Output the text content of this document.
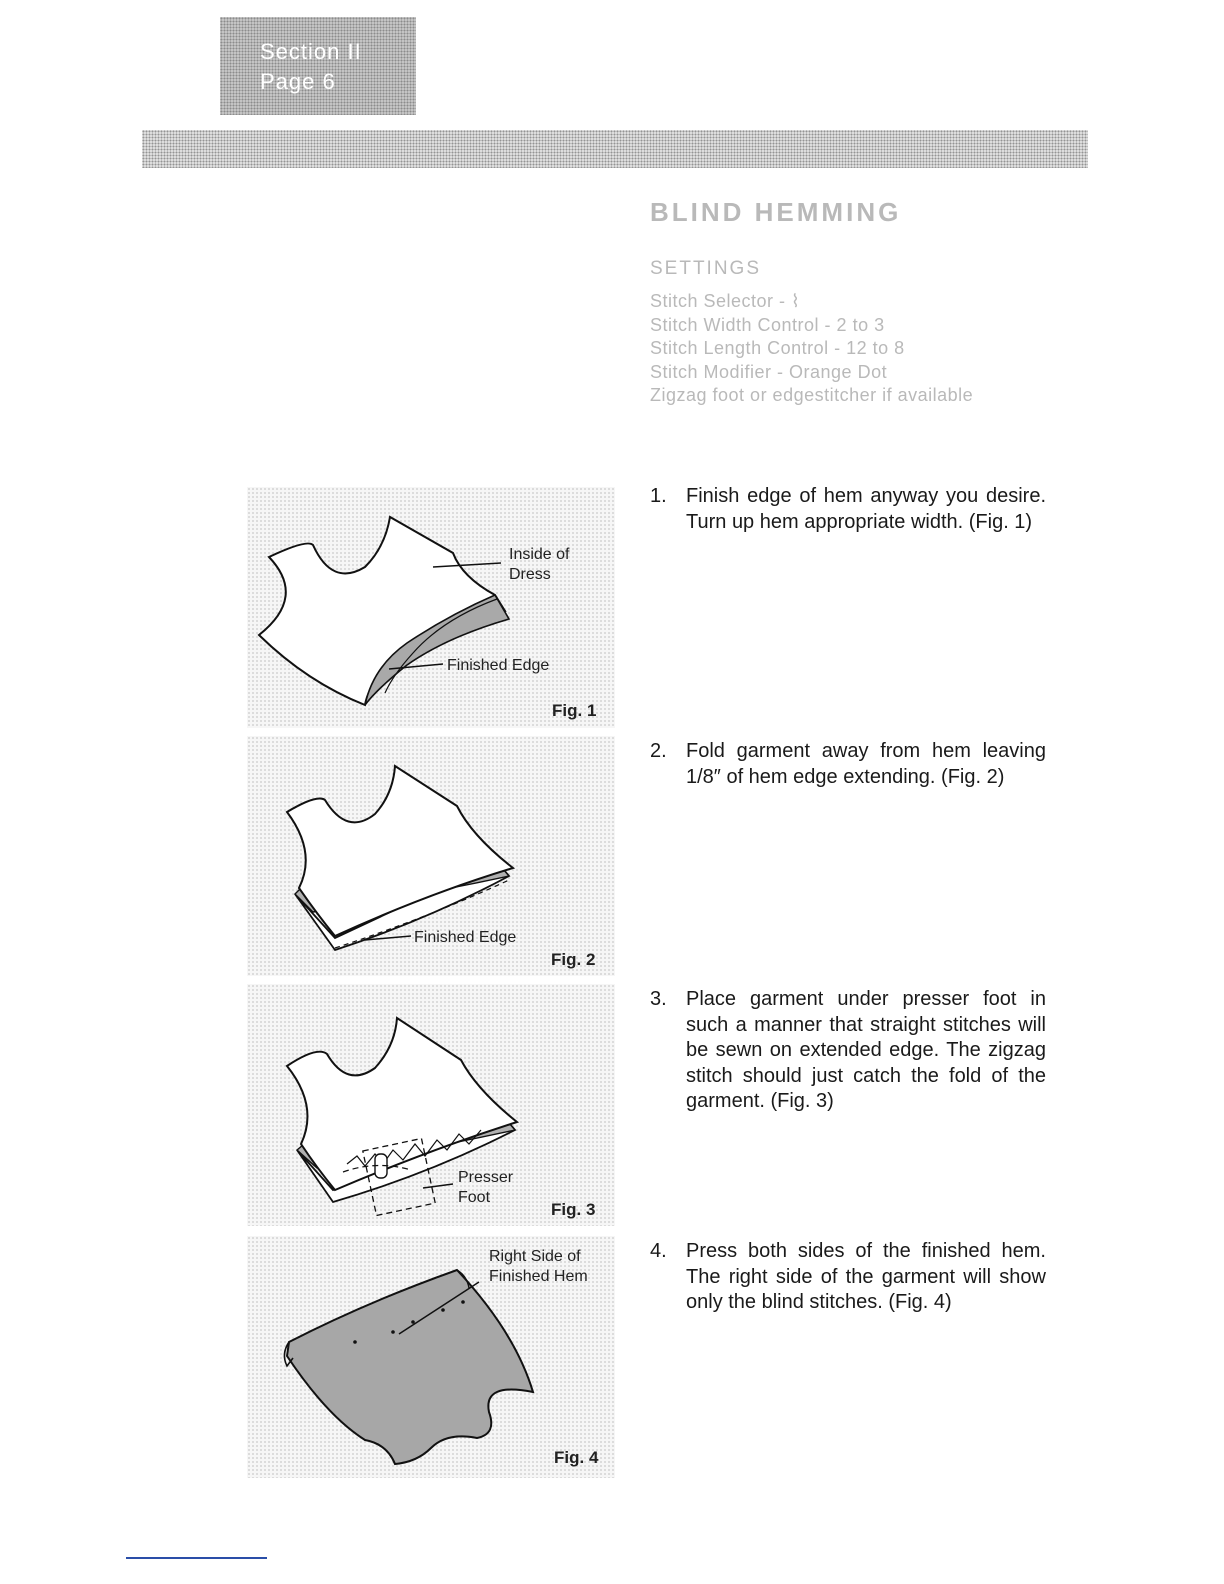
Section II
Page 6
BLIND HEMMING
SETTINGS
Stitch Selector - ⌇
Stitch Width Control - 2 to 3
Stitch Length Control - 12 to 8
Stitch Modifier - Orange Dot
Zigzag foot or edgestitcher if available
Inside of
Dress
Finished Edge
Fig. 1
Finished Edge
Fig. 2
Presser
Foot
Fig. 3
Right Side of
Finished Hem
Fig. 4
1. Finish edge of hem anyway you desire. Turn up hem appropriate width. (Fig. 1)
2. Fold garment away from hem leaving 1/8″ of hem edge extending. (Fig. 2)
3. Place garment under presser foot in such a manner that straight stitches will be sewn on extended edge. The zigzag stitch should just catch the fold of the garment. (Fig. 3)
4. Press both sides of the finished hem. The right side of the garment will show only the blind stitches. (Fig. 4)
